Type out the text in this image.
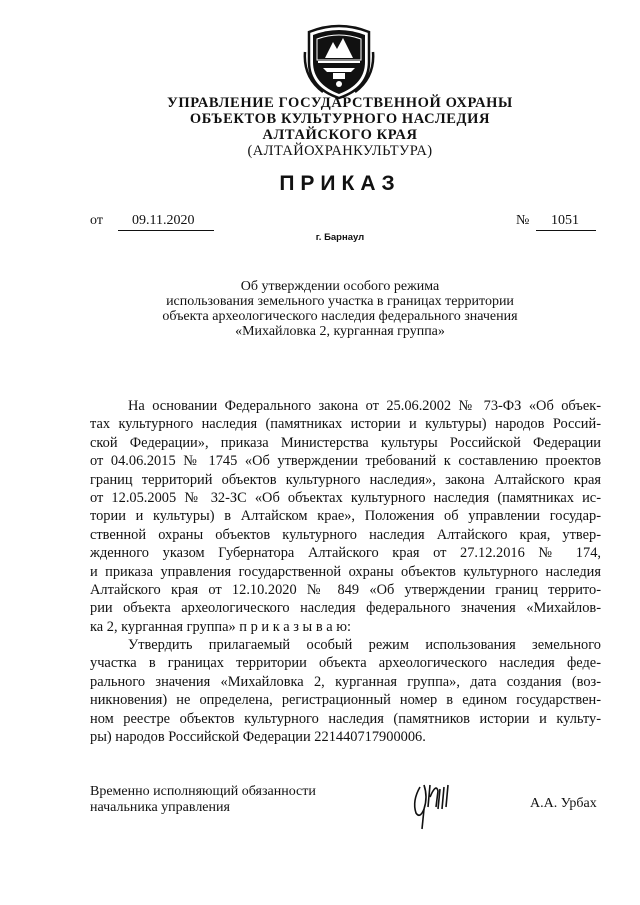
УПРАВЛЕНИЕ ГОСУДАРСТВЕННОЙ ОХРАНЫ
ОБЪЕКТОВ КУЛЬТУРНОГО НАСЛЕДИЯ
АЛТАЙСКОГО КРАЯ
(АЛТАЙОХРАНКУЛЬТУРА)
ПРИКАЗ
от 09.11.2020	№ 1051
г. Барнаул
Об утверждении особого режима
использования земельного участка в границах территории
объекта археологического наследия федерального значения
«Михайловка 2, курганная группа»
На основании Федерального закона от 25.06.2002 № 73-ФЗ «Об объек-
тах культурного наследия (памятниках истории и культуры) народов Россий-
ской Федерации», приказа Министерства культуры Российской Федерации
от 04.06.2015 № 1745 «Об утверждении требований к составлению проектов
границ территорий объектов культурного наследия», закона Алтайского края
от 12.05.2005 № 32-ЗС «Об объектах культурного наследия (памятниках ис-
тории и культуры) в Алтайском крае», Положения об управлении государ-
ственной охраны объектов культурного наследия Алтайского края, утвер-
жденного указом Губернатора Алтайского края от 27.12.2016 № 174,
и приказа управления государственной охраны объектов культурного наследия
Алтайского края от 12.10.2020 № 849 «Об утверждении границ террито-
рии объекта археологического наследия федерального значения «Михайлов-
ка 2, курганная группа» п р и к а з ы в а ю:
Утвердить прилагаемый особый режим использования земельного
участка в границах территории объекта археологического наследия феде-
рального значения «Михайловка 2, курганная группа», дата создания (воз-
никновения) не определена, регистрационный номер в едином государствен-
ном реестре объектов культурного наследия (памятников истории и культу-
ры) народов Российской Федерации 221440717900006.
Временно исполняющий обязанности
начальника управления	А.А. Урбах
